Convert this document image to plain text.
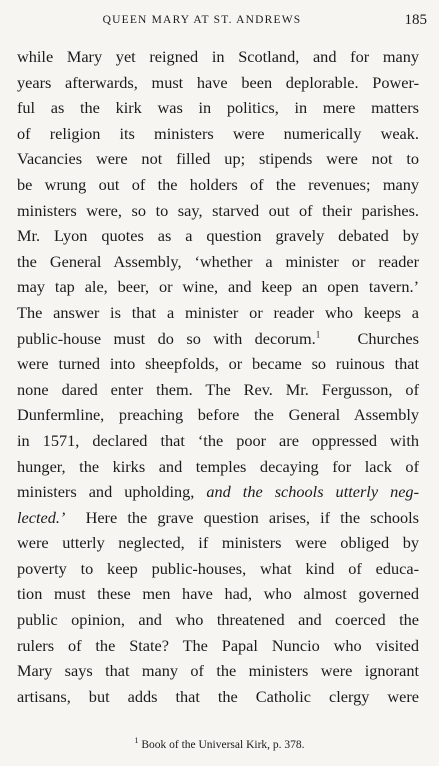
QUEEN MARY AT ST. ANDREWS	185
while Mary yet reigned in Scotland, and for many
years afterwards, must have been deplorable. Power-
ful as the kirk was in politics, in mere matters
of religion its ministers were numerically weak.
Vacancies were not filled up; stipends were not to
be wrung out of the holders of the revenues; many
ministers were, so to say, starved out of their parishes.
Mr. Lyon quotes as a question gravely debated by
the General Assembly, ‘whether a minister or reader
may tap ale, beer, or wine, and keep an open tavern.’
The answer is that a minister or reader who keeps a
public-house must do so with decorum.$^1$ Churches
were turned into sheepfolds, or became so ruinous that
none dared enter them. The Rev. Mr. Fergusson, of
Dunfermline, preaching before the General Assembly
in 1571, declared that ‘the poor are oppressed with
hunger, the kirks and temples decaying for lack of
ministers and upholding, and the schools utterly neg-
lected.’ Here the grave question arises, if the schools
were utterly neglected, if ministers were obliged by
poverty to keep public-houses, what kind of educa-
tion must these men have had, who almost governed
public opinion, and who threatened and coerced the
rulers of the State? The Papal Nuncio who visited
Mary says that many of the ministers were ignorant
artisans, but adds that the Catholic clergy were
$^1$ Book of the Universal Kirk, p. 378.
